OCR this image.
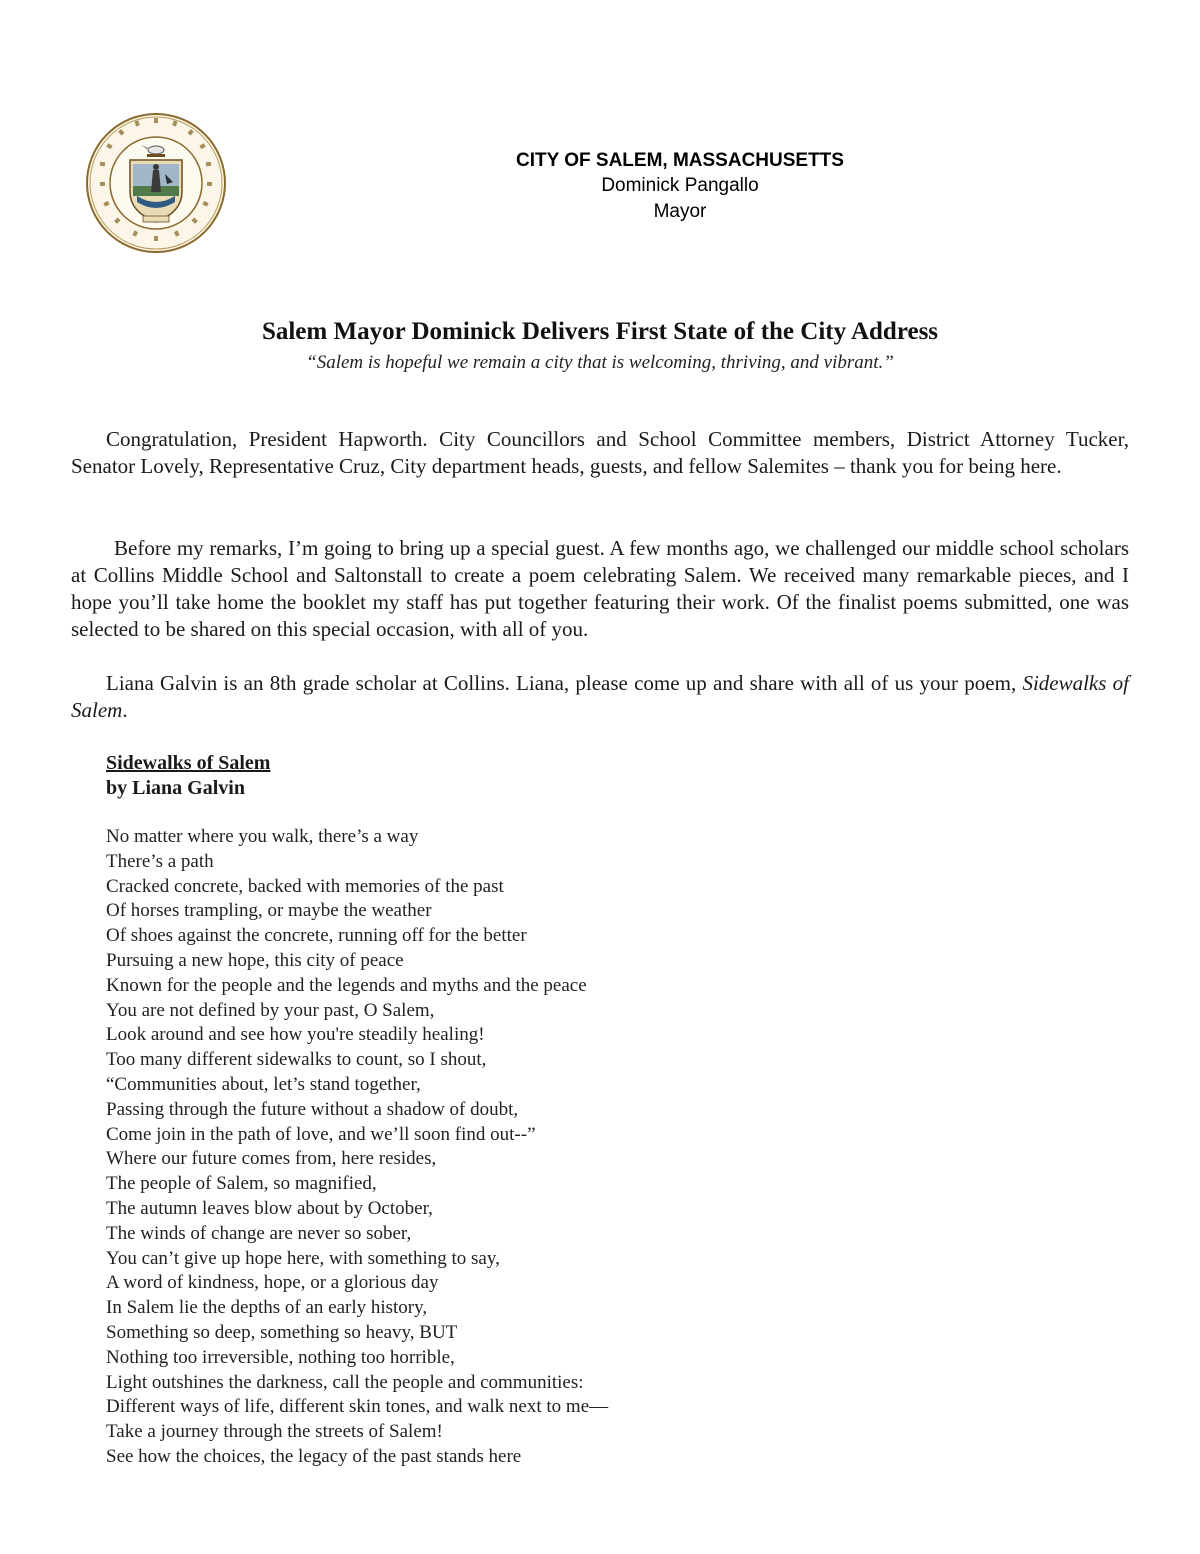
CITY OF SALEM, MASSACHUSETTS
Dominick Pangallo
Mayor
Salem Mayor Dominick Delivers First State of the City Address
“Salem is hopeful we remain a city that is welcoming, thriving, and vibrant.”

Congratulation, President Hapworth. City Councillors and School Committee members, District Attorney Tucker, Senator Lovely, Representative Cruz, City department heads, guests, and fellow Salemites – thank you for being here.

Before my remarks, I’m going to bring up a special guest. A few months ago, we challenged our middle school scholars at Collins Middle School and Saltonstall to create a poem celebrating Salem. We received many remarkable pieces, and I hope you’ll take home the booklet my staff has put together featuring their work. Of the finalist poems submitted, one was selected to be shared on this special occasion, with all of you.

Liana Galvin is an 8th grade scholar at Collins. Liana, please come up and share with all of us your poem, Sidewalks of Salem.

Sidewalks of Salem
by Liana Galvin
No matter where you walk, there’s a way
There’s a path
Cracked concrete, backed with memories of the past
Of horses trampling, or maybe the weather
Of shoes against the concrete, running off for the better
Pursuing a new hope, this city of peace
Known for the people and the legends and myths and the peace
You are not defined by your past, O Salem,
Look around and see how you're steadily healing!
Too many different sidewalks to count, so I shout,
“Communities about, let’s stand together,
Passing through the future without a shadow of doubt,
Come join in the path of love, and we’ll soon find out--”
Where our future comes from, here resides,
The people of Salem, so magnified,
The autumn leaves blow about by October,
The winds of change are never so sober,
You can’t give up hope here, with something to say,
A word of kindness, hope, or a glorious day
In Salem lie the depths of an early history,
Something so deep, something so heavy, BUT
Nothing too irreversible, nothing too horrible,
Light outshines the darkness, call the people and communities:
Different ways of life, different skin tones, and walk next to me—
Take a journey through the streets of Salem!
See how the choices, the legacy of the past stands here
